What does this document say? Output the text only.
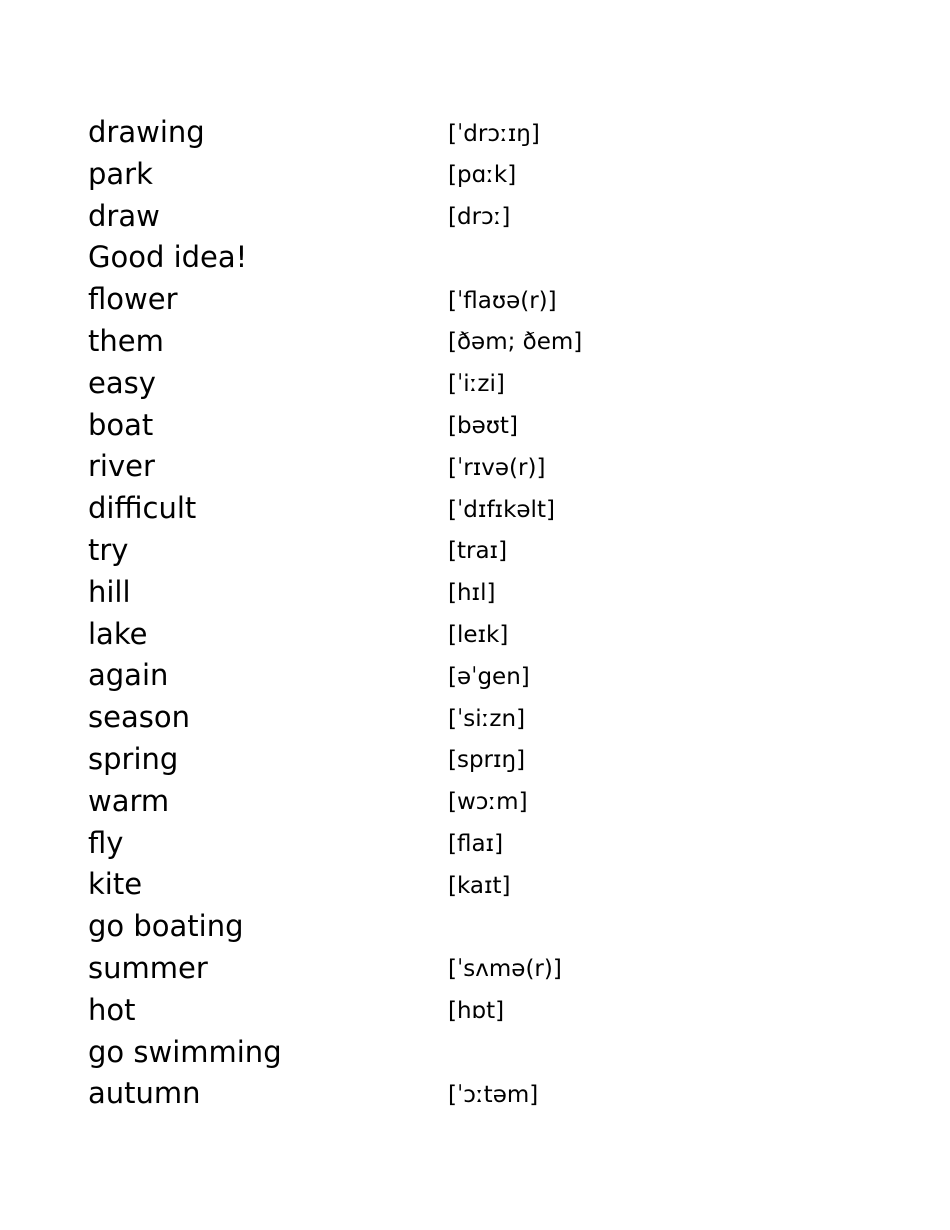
drawing	[ˈdrɔːɪŋ]
park	[pɑːk]
draw	[drɔː]
Good idea!
flower	[ˈflaʊə(r)]
them	[ðəm; ðem]
easy	[ˈiːzi]
boat	[bəʊt]
river	[ˈrɪvə(r)]
difficult	[ˈdɪfɪkəlt]
try	[traɪ]
hill	[hɪl]
lake	[leɪk]
again	[əˈgen]
season	[ˈsiːzn]
spring	[sprɪŋ]
warm	[wɔːm]
fly	[flaɪ]
kite	[kaɪt]
go boating
summer	[ˈsʌmə(r)]
hot	[hɒt]
go swimming
autumn	[ˈɔːtəm]
